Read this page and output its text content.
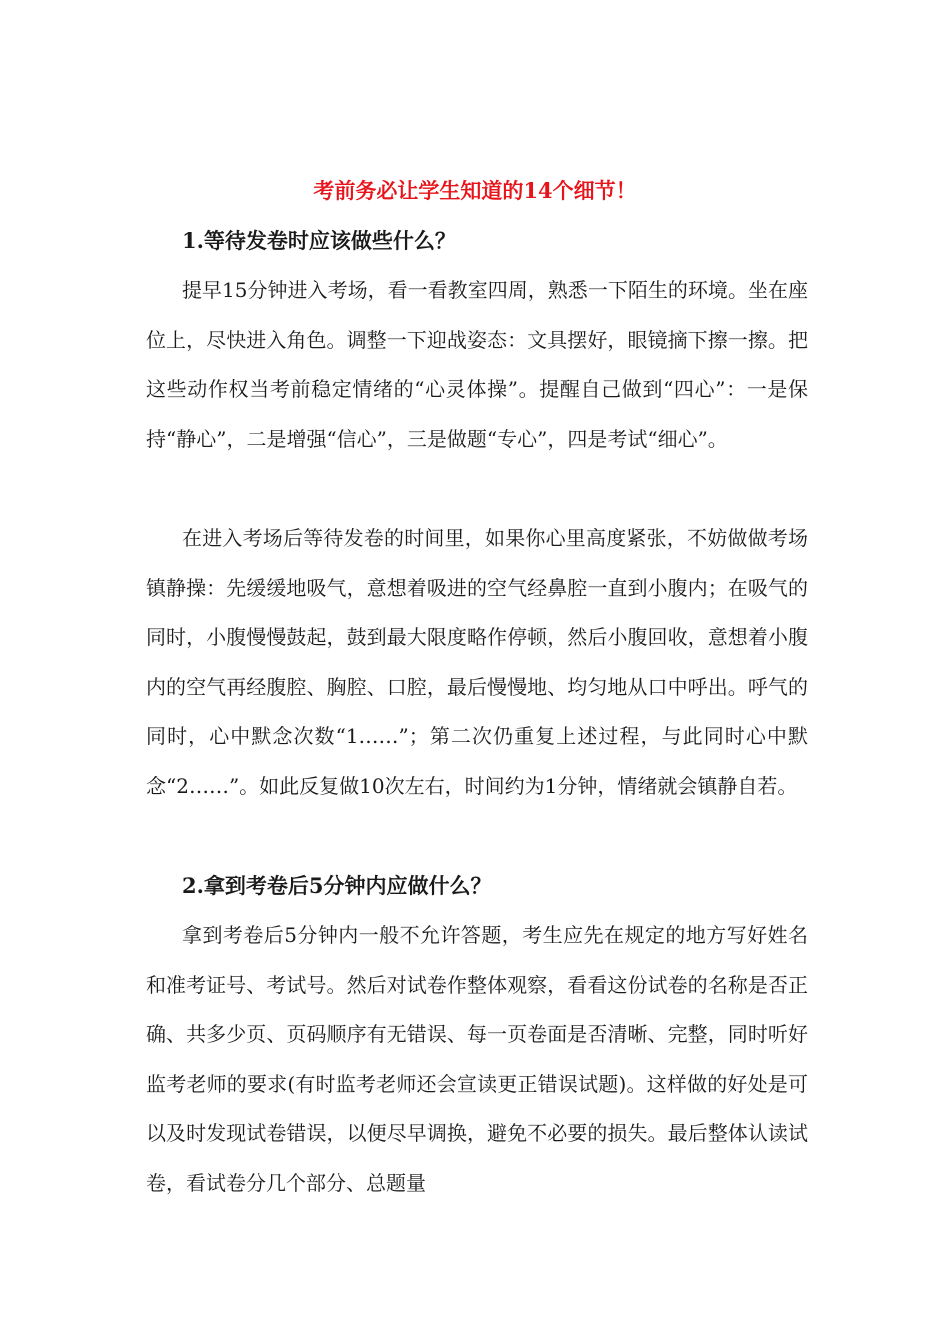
考前务必让学生知道的14个细节！
1.等待发卷时应该做些什么？

提早15分钟进入考场，看一看教室四周，熟悉一下陌生的环境。坐在座位上，尽快进入角色。调整一下迎战姿态：文具摆好，眼镜摘下擦一擦。把这些动作权当考前稳定情绪的“心灵体操”。提醒自己做到“四心”：一是保持“静心”，二是增强“信心”，三是做题“专心”，四是考试“细心”。

在进入考场后等待发卷的时间里，如果你心里高度紧张，不妨做做考场镇静操：先缓缓地吸气，意想着吸进的空气经鼻腔一直到小腹内；在吸气的同时，小腹慢慢鼓起，鼓到最大限度略作停顿，然后小腹回收，意想着小腹内的空气再经腹腔、胸腔、口腔，最后慢慢地、均匀地从口中呼出。呼气的同时，心中默念次数“1……”；第二次仍重复上述过程，与此同时心中默念“2……”。如此反复做10次左右，时间约为1分钟，情绪就会镇静自若。

2.拿到考卷后5分钟内应做什么？

拿到考卷后5分钟内一般不允许答题，考生应先在规定的地方写好姓名和准考证号、考试号。然后对试卷作整体观察，看看这份试卷的名称是否正确、共多少页、页码顺序有无错误、每一页卷面是否清晰、完整，同时听好监考老师的要求(有时监考老师还会宣读更正错误试题)。这样做的好处是可以及时发现试卷错误，以便尽早调换，避免不必要的损失。最后整体认读试卷，看试卷分几个部分、总题量
